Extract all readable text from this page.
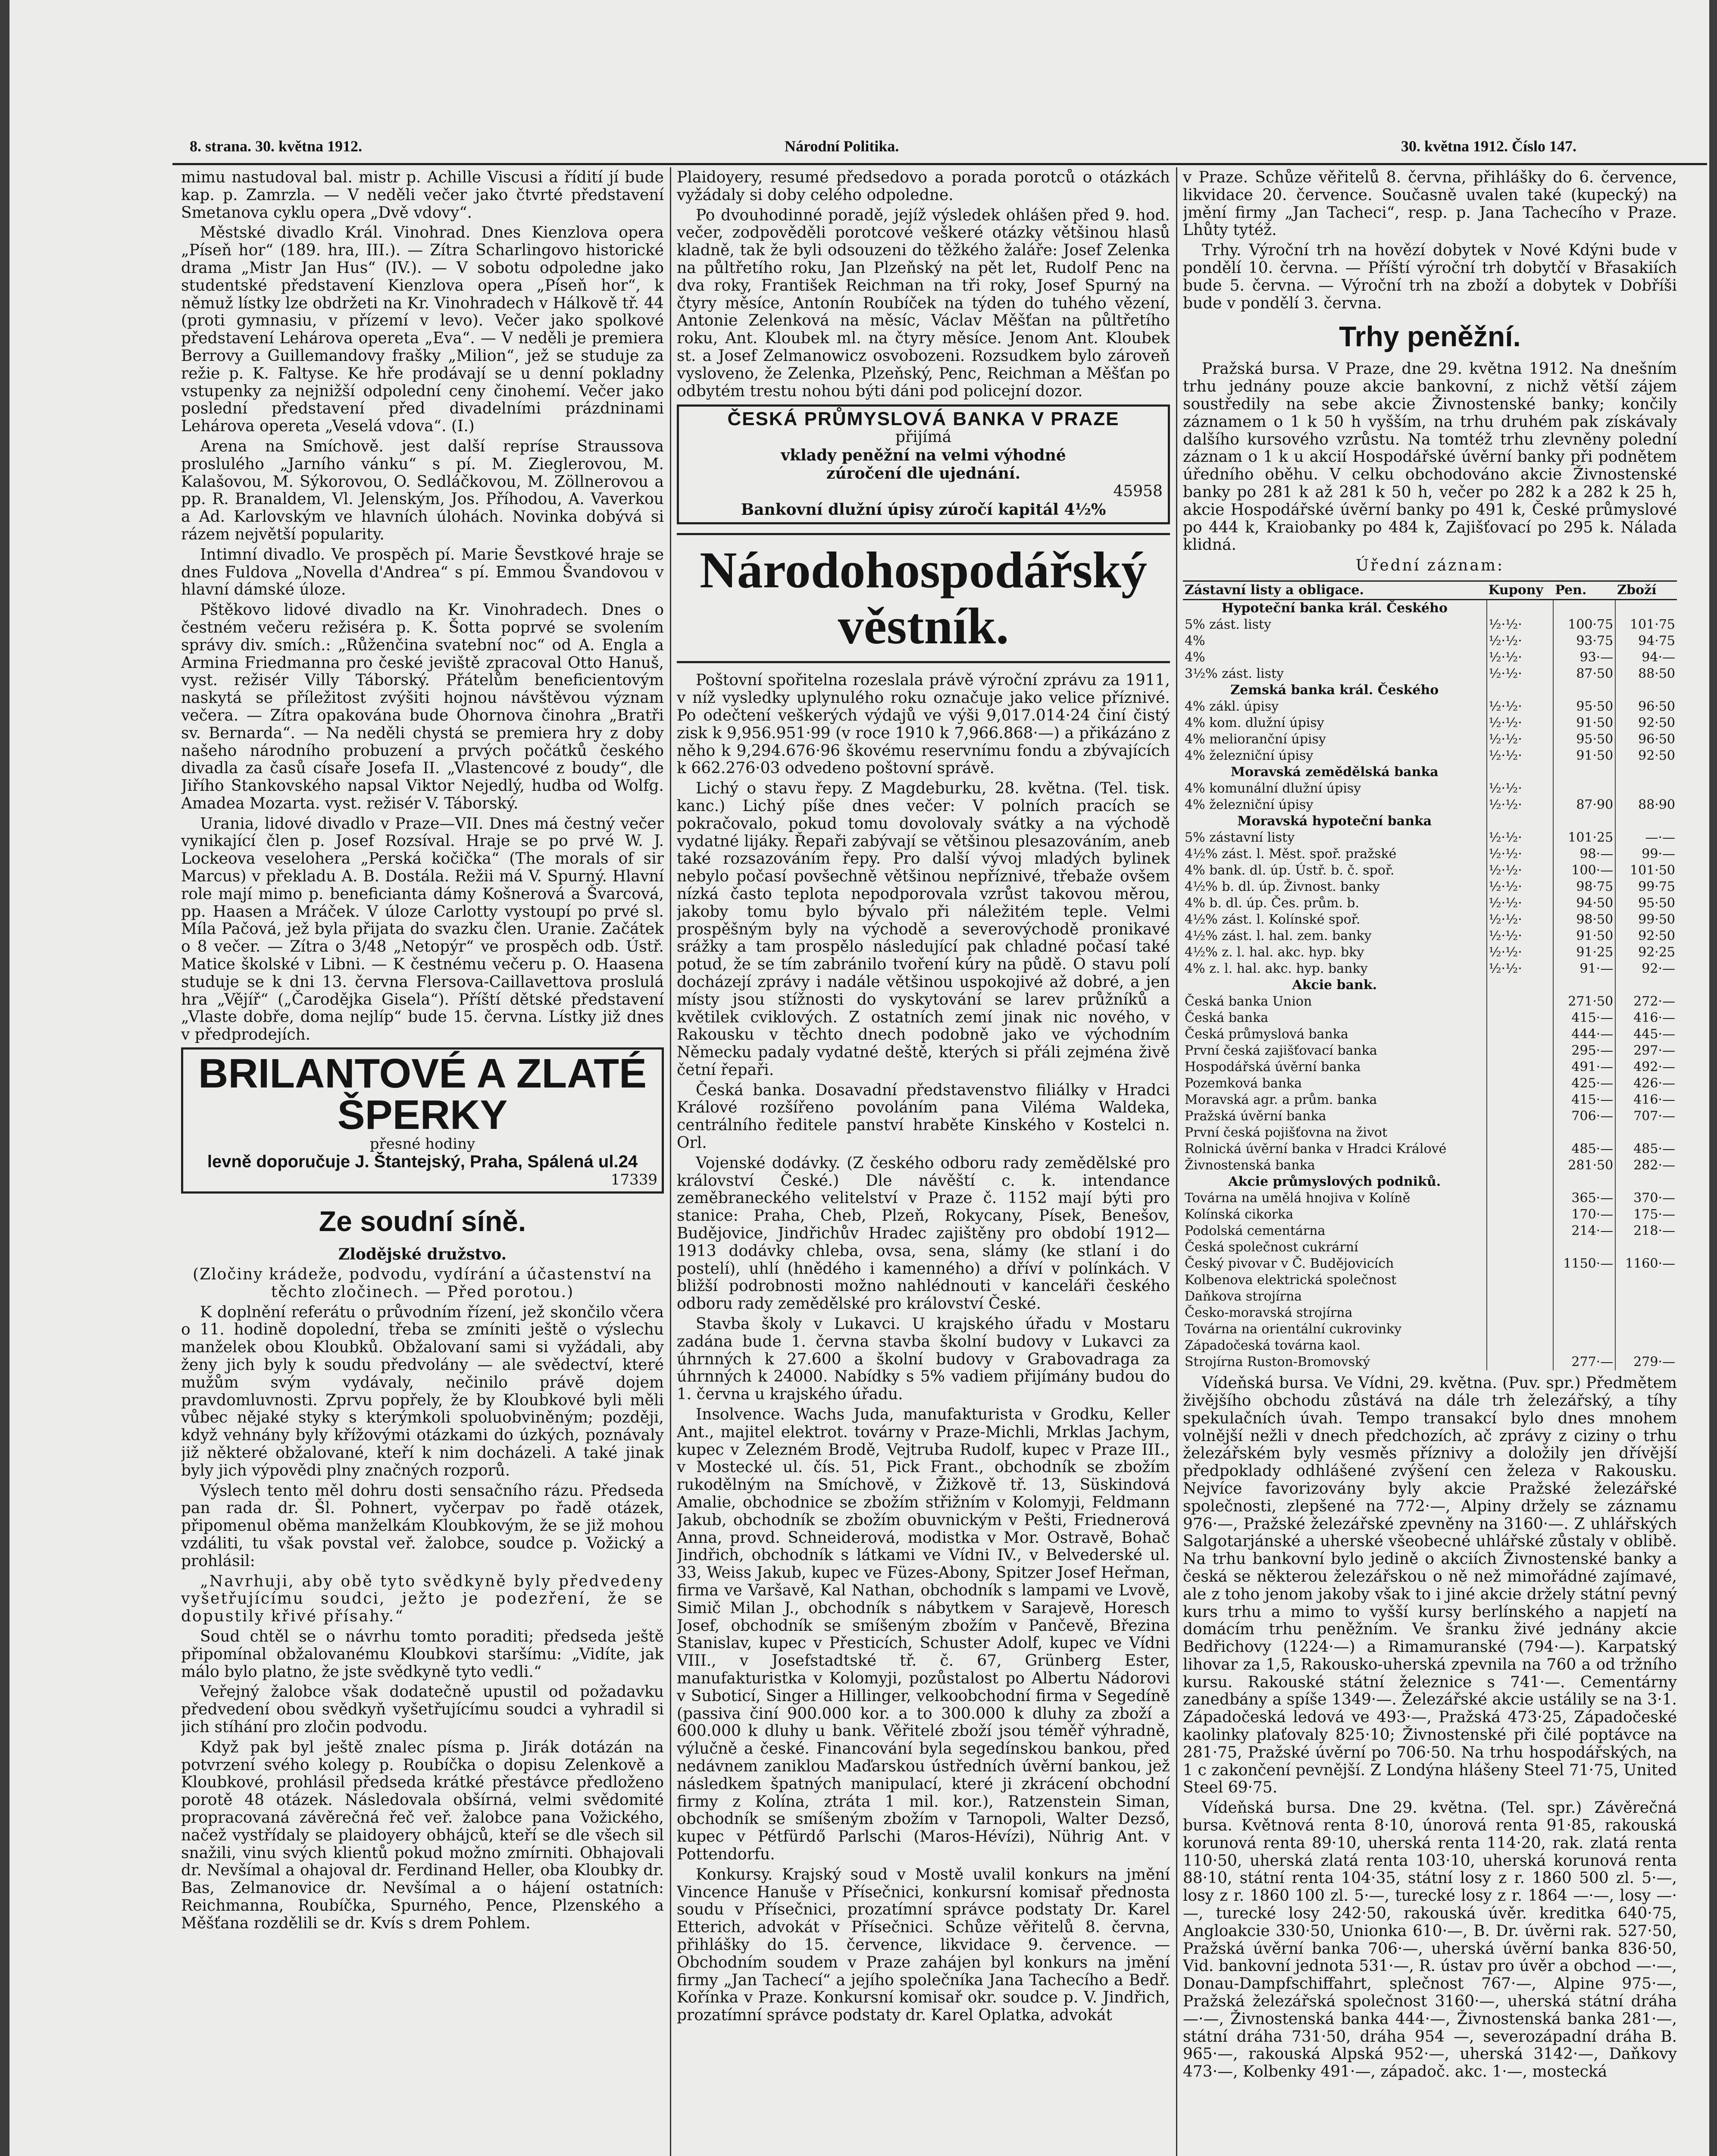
8. strana. 30. května 1912.	Národní Politika.	30. května 1912. Číslo 147.

mimu nastudoval bal. mistr p. Achille Viscusi a řídití jí bude kap. p. Zamrzla. — V neděli večer jako čtvrté představení Smetanova cyklu opera „Dvě vdovy“.

Městské divadlo Král. Vinohrad. Dnes Kienzlova opera „Píseň hor“ (189. hra, III.). — Zítra Scharlingovo historické drama „Mistr Jan Hus“ (IV.). — V sobotu odpoledne jako studentské představení Kienzlova opera „Píseň hor“, k němuž lístky lze obdržeti na Kr. Vinohradech v Hálkově tř. 44 (proti gymnasiu, v přízemí v levo). Večer jako spolkové představení Lehárova opereta „Eva“. — V neděli je premiera Berrovy a Guillemandovy frašky „Milion“, jež se studuje za režie p. K. Faltyse. Ke hře prodávají se u denní pokladny vstupenky za nejnižší odpolední ceny činohemí. Večer jako poslední představení před divadelními prázdninami Lehárova opereta „Veselá vdova“. (I.)

Arena na Smíchově. jest další repríse Straussova proslulého „Jarního vánku“ s pí. M. Zieglerovou, M. Kalašovou, M. Sýkorovou, O. Sedláčkovou, M. Zöllnerovou a pp. R. Branaldem, Vl. Jelenským, Jos. Příhodou, A. Vaverkou a Ad. Karlovským ve hlavních úlohách. Novinka dobývá si rázem největší popularity.

Intimní divadlo. Ve prospěch pí. Marie Ševstkové hraje se dnes Fuldova „Novella d'Andrea“ s pí. Emmou Švandovou v hlavní dámské úloze.

Pštěkovo lidové divadlo na Kr. Vinohradech. Dnes o čestném večeru režiséra p. K. Šotta poprvé se svolením správy div. smích.: „Růženčina svatební noc“ od A. Engla a Armina Friedmanna pro české jeviště zpracoval Otto Hanuš, vyst. režisér Villy Táborský. Přátelům beneficientovým naskytá se příležitost zvýšiti hojnou návštěvou význam večera. — Zítra opakována bude Ohornova činohra „Bratři sv. Bernarda“. — Na neděli chystá se premiera hry z doby našeho národního probuzení a prvých počátků českého divadla za časů císaře Josefa II. „Vlastencové z boudy“, dle Jiřího Stankovského napsal Viktor Nejedlý, hudba od Wolfg. Amadea Mozarta. vyst. režisér V. Táborský.

Urania, lidové divadlo v Praze—VII. Dnes má čestný večer vynikající člen p. Josef Rozsíval. Hraje se po prvé W. J. Lockeova veseloherа „Perská kočička“ (The morals of sir Marcus) v překladu A. B. Dostála. Režii má V. Spurný. Hlavní role mají mimo p. beneficianta dámy Košnerová a Švarcová, pp. Haasen a Mráček. V úloze Carlotty vystoupí po prvé sl. Míla Pačová, jež byla přijata do svazku člen. Uranie. Začátek o 8 večer. — Zítra o 3/48 „Netopýr“ ve prospěch odb. Ústř. Matice školské v Libni. — K čestnému večeru p. O. Haasena studuje se k dni 13. června Flersova-Caillavettova proslulá hra „Vějíř“ („Čarodějka Gisela“). Příští dětské představení „Vlaste dobře, doma nejlíp“ bude 15. června. Lístky již dnes v předprodejích.

BRILANTOVÉ A ZLATÉ ŠPERKY
přesné hodiny
levně doporučuje J. Štantejský, Praha, Spálená ul.24
17339
Ze soudní síně.
Zlodějské družstvo.

(Zločiny krádeže, podvodu, vydírání a účastenství na těchto zločinech. — Před porotou.)

K doplnění referátu o průvodním řízení, jež skončilo včera o 11. hodině dopolední, třeba se zmíniti ještě o výslechu manželek obou Kloubků. Obžalovaní sami si vyžádali, aby ženy jich byly k soudu předvolány — ale svědectví, které mužům svým vydávaly, nečinilo právě dojem pravdomluvnosti. Zprvu popřely, že by Kloubkové byli měli vůbec nějaké styky s kterýmkoli spoluobviněným; později, když vehnány byly křížovými otázkami do úzkých, poznávaly již některé obžalované, kteří k nim docházeli. A také jinak byly jich výpovědi plny značných rozporů.

Výslech tento měl dohru dosti sensačního rázu. Předseda pan rada dr. Šl. Pohnert, vyčerpav po řadě otázek, připomenul oběma manželkám Kloubkovým, že se již mohou vzdáliti, tu však povstal veř. žalobce, soudce p. Vožický a prohlásil:

„Navrhuji, aby obě tyto svědkyně byly předvedeny vyšetřujícímu soudci, ježto je podezření, že se dopustily křivé přísahy.“

Soud chtěl se o návrhu tomto poraditi; předseda ještě připomínal obžalovanému Kloubkovi staršímu: „Vidíte, jak málo bylo platno, že jste svědkyně tyto vedli.“

Veřejný žalobce však dodatečně upustil od požadavku předvedení obou svědkyň vyšetřujícímu soudci a vyhradil si jich stíhání pro zločin podvodu.

Když pak byl ještě znalec písma p. Jirák dotázán na potvrzení svého kolegy p. Roubíčka o dopisu Zelenkově a Kloubkové, prohlásil předseda krátké přestávce předloženo porotě 48 otázek. Následovala obšírná, velmi svědomité propracovaná závěrečná řeč veř. žalobce pana Vožického, načež vystřídaly se plaidoyery obhájců, kteří se dle všech sil snažili, vinu svých klientů pokud možno zmírniti. Obhajovali dr. Nevšímal a ohajoval dr. Ferdinand Heller, oba Kloubky dr. Bas, Zelmanovice dr. Nevšímal a o hájení ostatních: Reichmanna, Roubíčka, Spurného, Pence, Plzenského a Měšťana rozdělili se dr. Kvís s drem Pohlem.

Plaidoyery, resumé předsedovo a porada porotců o otázkách vyžádaly si doby celého odpoledne.

Po dvouhodinné poradě, jejíž výsledek ohlášen před 9. hod. večer, zodpověděli porotcové veškeré otázky většinou hlasů kladně, tak že byli odsouzeni do těžkého žaláře: Josef Zelenka na půltřetího roku, Jan Plzeňský na pět let, Rudolf Penc na dva roky, František Reichman na tři roky, Josef Spurný na čtyry měsíce, Antonín Roubíček na týden do tuhého vězení, Antonie Zelenková na měsíc, Václav Měšťan na půltřetího roku, Ant. Kloubek ml. na čtyry měsíce. Jenom Ant. Kloubek st. a Josef Zelmanowicz osvobozeni. Rozsudkem bylo zároveň vysloveno, že Zelenka, Plzeňský, Penc, Reichman a Měšťan po odbytém trestu nohou býti dáni pod policejní dozor.

ČESKÁ PRŮMYSLOVÁ BANKA V PRAZE
přijímá
vklady peněžní na velmi výhodné
zúročení dle ujednání.
45958
Bankovní dlužní úpisy zúročí kapitál 4½%
Národohospodářský věstník.

Poštovní spořitelna rozeslala právě výroční zprávu za 1911, v níž vysledky uplynulého roku označuje jako velice příznivé. Po odečtení veškerých výdajů ve výši 9,017.014·24 činí čistý zisk k 9,956.951·99 (v roce 1910 k 7,966.868·—) a přikázáno z něho k 9,294.676·96 škovému reservnímu fondu a zbývajících k 662.276·03 odvedeno poštovní správě.

Lichý o stavu řepy. Z Magdeburku, 28. května. (Tel. tisk. kanc.) Lichý píše dnes večer: V polních pracích se pokračovalo, pokud tomu dovolovaly svátky a na východě vydatné lijáky. Řepaři zabývají se většinou plesazováním, aneb také rozsazováním řepy. Pro další vývoj mladých bylinek nebylo počasí povšechně většinou nepříznivé, třebaže ovšem nízká často teplota nepodporovala vzrůst takovou měrou, jakoby tomu bylo bývalo při náležitém teple. Velmi prospěšným byly na východě a severovýchodě pronikavé srážky a tam prospělo následující pak chladné počasí také potud, že se tím zabránilo tvoření kúry na půdě. O stavu polí docházejí zprávy i nadále většinou uspokojivé až dobré, a jen místy jsou stížnosti do vyskytování se larev průžníků a květilek cviklových. Z ostatních zemí jinak nic nového, v Rakousku v těchto dnech podobně jako ve východním Německu padaly vydatné deště, kterých si přáli zejména živě četní řepaři.

Česká banka. Dosavadní představenstvo filiálky v Hradci Králové rozšířeno povoláním pana Viléma Waldeka, centrálního ředitele panství hraběte Kinského v Kostelci n. Orl.

Vojenské dodávky. (Z českého odboru rady zemědělské pro království České.) Dle návěští c. k. intendance zeměbraneckého velitelství v Praze č. 1152 mají býti pro stanice: Praha, Cheb, Plzeň, Rokycany, Písek, Benešov, Budějovice, Jindřichův Hradec zajištěny pro období 1912—1913 dodávky chleba, ovsa, sena, slámy (ke stlaní i do postelí), uhlí (hnědého i kamenného) a dříví v polínkách. V bližší podrobnosti možno nahlédnouti v kanceláři českého odboru rady zemědělské pro království České.

Stavba školy v Lukavci. U krajského úřadu v Mostaru zadána bude 1. června stavba školní budovy v Lukavci za úhrnných k 27.600 a školní budovy v Grabovadraga za úhrnných k 24000. Nabídky s 5% vadiem přijímány budou do 1. června u krajského úřadu.

Insolvence. Wachs Juda, manufakturista v Grodku, Keller Ant., majitel elektrot. továrny v Praze-Michli, Mrklas Jachym, kupec v Zelezném Brodě, Vejtruba Rudolf, kupec v Praze III., v Mostecké ul. čís. 51, Pick Frant., obchodník se zbožím rukodělným na Smíchově, v Žižkově tř. 13, Süskindová Amalie, obchodnice se zbožím střižním v Kolomyji, Feldmann Jakub, obchodník se zbožím obuvnickým v Pešti, Friednerová Anna, provd. Schneiderová, modistka v Mor. Ostravě, Bohač Jindřich, obchodník s látkami ve Vídni IV., v Belvederské ul. 33, Weiss Jakub, kupec ve Füzes-Abony, Spitzer Josef Heřman, firma ve Varšavě, Kal Nathan, obchodník s lampami ve Lvově, Simič Milan J., obchodník s nábytkem v Sarajevě, Horesch Josef, obchodník se smíšeným zbožím v Pančevě, Březina Stanislav, kupec v Přesticích, Schuster Adolf, kupec ve Vídni VIII., v Josefstadtské tř. č. 67, Grünberg Ester, manufakturistka v Kolomyji, pozůstalost po Albertu Nádorovi v Suboticí, Singer a Hillinger, velkoobchodní firma v Segedíně (passiva činí 900.000 kor. a to 300.000 k dluhy za zboží a 600.000 k dluhy u bank. Věřitelé zboží jsou téměř výhradně, výlučně a české. Financování byla segedínskou bankou, před nedávnem zaniklou Maďarskou ústředních úvěrní bankou, jež následkem špatných manipulací, které ji zkrácení obchodní firmy z Kolína, ztráta 1 mil. kor.), Ratzenstein Siman, obchodník se smíšeným zbožím v Tarnopoli, Walter Dezső, kupec v Pétfürdő Parlschi (Maros-Hévízi), Nührig Ant. v Pottendorfu.

Konkursy. Krajský soud v Mostě uvalil konkurs na jmění Vincence Hanuše v Přísečnici, konkursní komisař přednosta soudu v Přísečnici, prozatímní správce podstaty Dr. Karel Etterich, advokát v Přísečnici. Schůze věřitelů 8. června, přihlášky do 15. července, likvidace 9. července. — Obchodním soudem v Praze zahájen byl konkurs na jmění firmy „Jan Tachecí“ a jejího společníka Jana Tachecího a Bedř. Kořínka v Praze. Konkursní komisař okr. soudce p. V. Jindřich, prozatímní správce podstaty dr. Karel Oplatka, advokát

v Praze. Schůze věřitelů 8. června, přihlášky do 6. července, likvidace 20. července. Současně uvalen také (kupecký) na jmění firmy „Jan Tacheci“, resp. p. Jana Tachecího v Praze. Lhůty tytéž.

Trhy. Výroční trh na hovězí dobytek v Nové Kdýni bude v pondělí 10. června. — Příští výroční trh dobytčí v Břasakiích bude 5. června. — Výroční trh na zboží a dobytek v Dobříši bude v pondělí 3. června.

Trhy peněžní.

Pražská bursa. V Praze, dne 29. května 1912. Na dnešním trhu jednány pouze akcie bankovní, z nichž větší zájem soustředily na sebe akcie Živnostenské banky; končily záznamem o 1 k 50 h vyšším, na trhu druhém pak získávaly dalšího kursového vzrůstu. Na tomtéž trhu zlevněny polední záznam o 1 k u akcií Hospodářské úvěrní banky při podnětem úředního oběhu. V celku obchodováno akcie Živnostenské banky po 281 k až 281 k 50 h, večer po 282 k a 282 k 25 h, akcie Hospodářské úvěrní banky po 491 k, České průmyslové po 444 k, Kraiobanky po 484 k, Zajišťovací po 295 k. Nálada klidná.

Úřední záznam:
Zástavní listy a obligace.	Kupony	Pen.	Zboží
Hypoteční banka král. Českého			
5% zást. listy	½·½·	100·75	101·75
4%	½·½·	93·75	94·75
4%	½·½·	93·—	94·—
3½% zást. listy	½·½·	87·50	88·50
Zemská banka král. Českého			
4% zákl. úpisy	½·½·	95·50	96·50
4% kom. dlužní úpisy	½·½·	91·50	92·50
4% melioranční úpisy	½·½·	95·50	96·50
4% železniční úpisy	½·½·	91·50	92·50
Moravská zemědělská banka			
4% komunální dlužní úpisy	½·½·		
4% železniční úpisy	½·½·	87·90	88·90
Moravská hypoteční banka			
5% zástavní listy	½·½·	101·25	—·—
4½% zást. l. Měst. spoř. pražské	½·½·	98·—	99·—
4% bank. dl. úp. Ústř. b. č. spoř.	½·½·	100·—	101·50
4½% b. dl. úp. Živnost. banky	½·½·	98·75	99·75
4% b. dl. úp. Čes. prům. b.	½·½·	94·50	95·50
4½% zást. l. Kolínské spoř.	½·½·	98·50	99·50
4½% zást. l. hal. zem. banky	½·½·	91·50	92·50
4½% z. l. hal. akc. hyp. bky	½·½·	91·25	92·25
4% z. l. hal. akc. hyp. banky	½·½·	91·—	92·—
Akcie bank.			
Česká banka Union		271·50	272·—
Česká banka		415·—	416·—
Česká průmyslová banka		444·—	445·—
První česká zajišťovací banka		295·—	297·—
Hospodářská úvěrní banka		491·—	492·—
Pozemková banka		425·—	426·—
Moravská agr. a prům. banka		415·—	416·—
Pražská úvěrní banka		706·—	707·—
První česká pojišťovna na život			
Rolnická úvěrní banka v Hradci Králové		485·—	485·—
Živnostenská banka		281·50	282·—
Akcie průmyslových podniků.			
Továrna na umělá hnojiva v Kolíně		365·—	370·—
Kolínská cikorka		170·—	175·—
Podolská cementárna		214·—	218·—
Česká společnost cukrární			
Český pivovar v Č. Budějovicích		1150·—	1160·—
Kolbenova elektrická společnost			
Daňkova strojírna			
Česko-moravská strojírna			
Továrna na orientální cukrovinky			
Západočeská továrna kaol.			
Strojírna Ruston-Bromovský		277·—	279·—

Vídeňská bursa. Ve Vídni, 29. května. (Puv. spr.) Předmětem živějšího obchodu zůstává na dále trh železářský, a tíhy spekulačních úvah. Tempo transakcí bylo dnes mnohem volnější nežli v dnech předchozích, ač zprávy z ciziny o trhu železářském byly vesměs příznivy a doložily jen dřívější předpoklady odhlášené zvýšení cen železa v Rakousku. Nejvíce favorizovány byly akcie Pražské železářské společnosti, zlepšené na 772·—, Alpiny držely se záznamu 976·—, Pražské železářské zpevněny na 3160·—. Z uhlářských Salgotarjánské a uherské všeobecné uhlářské zůstaly v oblibě. Na trhu bankovní bylo jedině o akciích Živnostenské banky a česká se některou železářskou o ně než mimořádné zajímavé, ale z toho jenom jakoby však to i jiné akcie držely státní pevný kurs trhu a mimo to vyšší kursy berlínského a napjetí na domácím trhu peněžním. Ve šranku živé jednány akcie Bedřichovy (1224·—) a Rimamuranské (794·—). Karpatský lihovar za 1,5, Rakousko-uherská zpevnila na 760 a od tržního kursu. Rakouské státní železnice s 741·—. Cementárny zanedbány a spíše 1349·—. Železářské akcie ustálily se na 3·1. Západočeská ledová ve 493·—, Pražská 473·25, Západočeské kaolinky plaťovaly 825·10; Živnostenské při čilé poptávce na 281·75, Pražské úvěrní po 706·50. Na trhu hospodářských, na 1 c zakončení pevnější. Z Londýna hlášeny Steel 71·75, United Steel 69·75.

Vídeňská bursa. Dne 29. května. (Tel. spr.) Závěrečná bursa. Květnová renta 8·10, únorová renta 91·85, rakouská korunová renta 89·10, uherská renta 114·20, rak. zlatá renta 110·50, uherská zlatá renta 103·10, uherská korunová renta 88·10, státní renta 104·35, státní losy z r. 1860 500 zl. 5·—, losy z r. 1860 100 zl. 5·—, turecké losy z r. 1864 —·—, losy —·—, turecké losy 242·50, rakouská úvěr. kreditka 640·75, Angloakcie 330·50, Unionka 610·—, B. Dr. úvěrni rak. 527·50, Pražská úvěrní banka 706·—, uherská úvěrní banka 836·50, Vid. bankovní jednota 531·—, R. ústav pro úvěr a obchod —·—, Donau-Dampfschiffahrt, splečnost 767·—, Alpine 975·—, Pražská železářská společnost 3160·—, uherská státní dráha —·—, Živnostenská banka 444·—, Živnostenská banka 281·—, státní dráha 731·50, dráha 954 —, severozápadní dráha B. 965·—, rakouská Alpská 952·—, uherská 3142·—, Daňkovy 473·—, Kolbenky 491·—, západoč. akc. 1·—, mostecká
